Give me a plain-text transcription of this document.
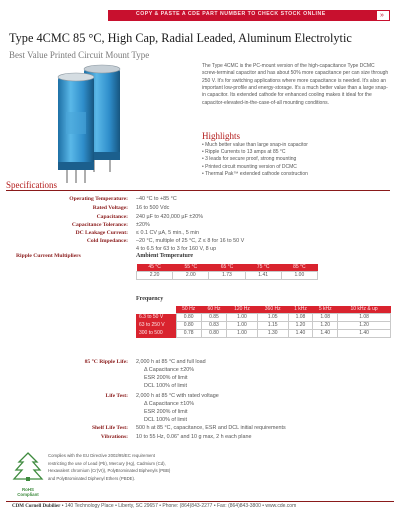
COPY & PASTE A CDE PART NUMBER TO CHECK STOCK ONLINE	»
Type 4CMC 85 °C, High Cap, Radial Leaded, Aluminum Electrolytic
Best Value Printed Circuit Mount Type
The Type 4CMC is the PC-mount version of the high-capacitance Type DCMC screw-terminal capacitor and has about 50% more capacitance per can size through 250 V. It's for switching applications where more capacitance is needed. It's also an important low-profile and energy-storage. It's a much better value than a large snap-in capacitor. Its extended cathode for enhanced cooling makes it ideal for the capacitor-elevated-in-the-case-of-all mounting conditions.
Highlights
• Much better value than large snap-in capacitor
• Ripple Currents to 13 amps at 85 °C
• 3 leads for secure proof, strong mounting
• Printed circuit mounting version of DCMC
• Thermal Pak™ extended cathode construction
Specifications
Operating Temperature: –40 °C to +85 °C
Rated Voltage: 16 to 500 Vdc
Capacitance: 240 µF to 420,000 µF ±20%
Capacitance Tolerance: ±20%
DC Leakage Current: ≤ 0.1 CV µA, 5 min., 5 min
Cold Impedance: –20 °C, multiple of 25 °C, Z ≤ 8 for 16 to 50 V
4 to 6.5 for 63 to 3 for 160 V, 8 up
Ripple Current Multipliers	Ambient Temperature
45 °C	55 °C	65 °C	75 °C	85 °C
2.20	2.00	1.73	1.41	1.00
Frequency
	50 Hz	60 Hz	120 Hz	360 Hz	1 kHz	5 kHz	10 kHz & up
6.3 to 50 V	0.80	0.85	1.00	1.05	1.08	1.08	1.08
63 to 250 V	0.80	0.83	1.00	1.15	1.20	1.20	1.20
300 to 500	0.78	0.80	1.00	1.30	1.40	1.40	1.40
85 °C Ripple Life: 2,000 h at 85 °C and full load
Δ Capacitance ±20%
ESR 200% of limit
DCL 100% of limit
Life Test: 2,000 h at 85 °C with rated voltage
Δ Capacitance ±10%
ESR 200% of limit
DCL 100% of limit
Shelf Life Test: 500 h at 85 °C, capacitance, ESR and DCL initial requirements
Vibrations: 10 to 55 Hz, 0.06" and 10 g max, 2 h each plane
RoHS Compliant
Complies with the EU Directive 2002/95/EC requirement restricting the use of Lead (Pb), Mercury (Hg), Cadmium (Cd), Hexavalent chromium (Cr(VI)), PolyBrominated Biphenyls (PBB) and PolyBrominated Diphenyl Ethers (PBDE).
CDM Cornell Dubilier • 140 Technology Place • Liberty, SC 29657 • Phone: (864)843-2277 • Fax: (864)843-3800 • www.cde.com
